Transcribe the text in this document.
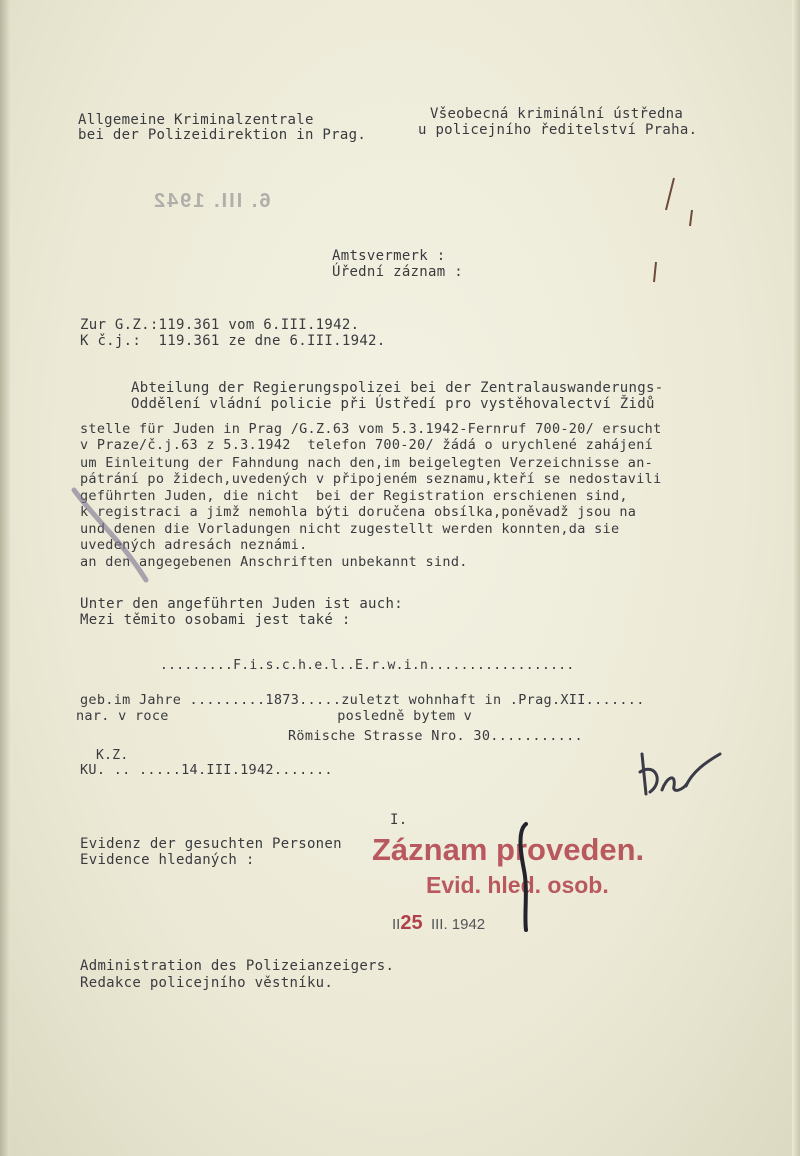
Allgemeine Kriminalzentrale
bei der Polizeidirektion in Prag.
Všeobecná kriminální ústředna
u policejního ředitelství Praha.
6. III. 1942
Amtsvermerk :
Úřední záznam :
Zur G.Z.:119.361 vom 6.III.1942.
K č.j.:  119.361 ze dne 6.III.1942.
Abteilung der Regierungspolizei bei der Zentralauswanderungs-
Oddělení vládní policie při Ústředí pro vystěhovalectví Židů
stelle für Juden in Prag /G.Z.63 vom 5.3.1942-Fernruf 700-20/ ersucht
v Praze/č.j.63 z 5.3.1942  telefon 700-20/ žádá o urychlené zahájení
um Einleitung der Fahndung nach den,im beigelegten Verzeichnisse an-
pátrání po židech,uvedených v připojeném seznamu,kteří se nedostavili
geführten Juden, die nicht  bei der Registration erschienen sind,
k registraci a jimž nemohla býti doručena obsílka,poněvadž jsou na
und denen die Vorladungen nicht zugestellt werden konnten,da sie
uvedených adresách neznámi.
an den angegebenen Anschriften unbekannt sind.
Unter den angeführten Juden ist auch:
Mezi těmito osobami jest také :
.........F.i.s.c.h.e.l..E.r.w.i.n..................
geb.im Jahre .........1873.....zuletzt wohnhaft in .Prag.XII.......
nar. v roce                    posledně bytem v
Römische Strasse Nro. 30...........
K.Z.
KU. .. .....14.III.1942.......
I.
Evidenz der gesuchten Personen
Evidence hledaných :	Záznam proveden.
Evid. hled. osob.
II25 III. 1942
Administration des Polizeianzeigers.
Redakce policejního věstníku.
